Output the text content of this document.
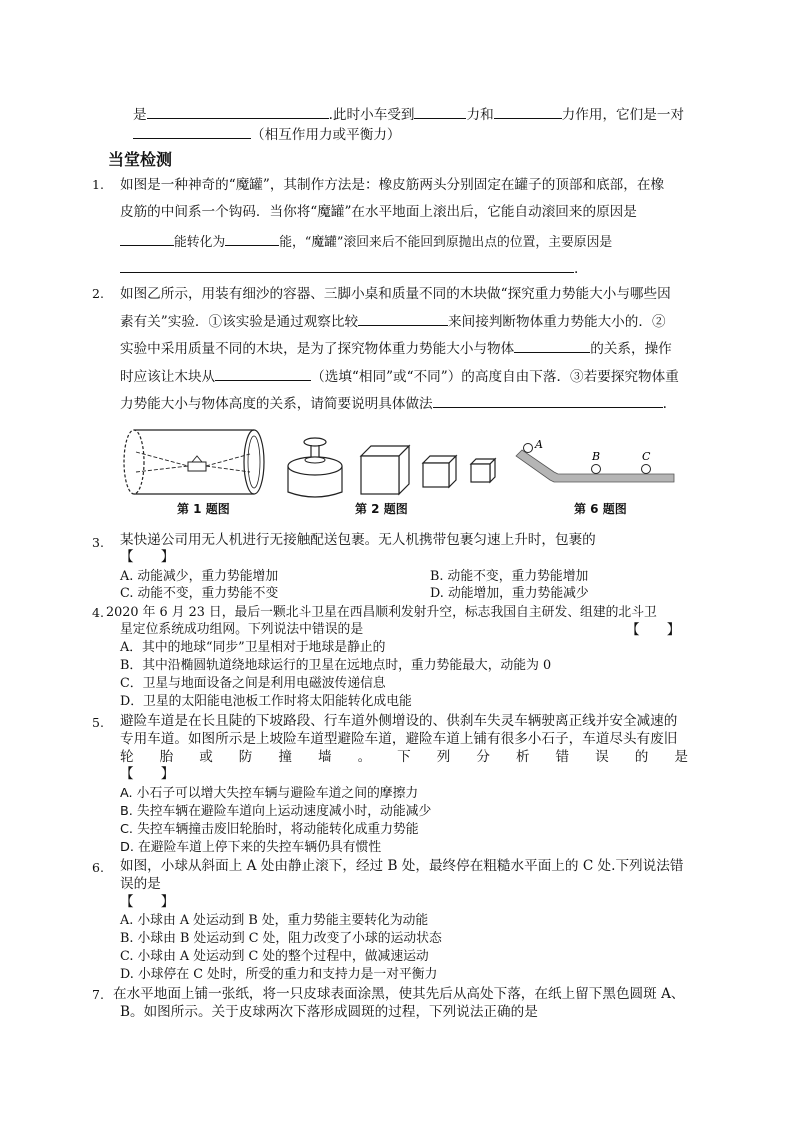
是	.此时小车受到	力和	力作用，它们是一对
（相互作用力或平衡力）
当堂检测
1. 如图是一种神奇的“魔罐”，其制作方法是：橡皮筋两头分别固定在罐子的顶部和底部，在橡
皮筋的中间系一个钩码．当你将“魔罐”在水平地面上滚出后，它能自动滚回来的原因是
能转化为	能，“魔罐”滚回来后不能回到原抛出点的位置，主要原因是
.
2. 如图乙所示，用装有细沙的容器、三脚小桌和质量不同的木块做“探究重力势能大小与哪些因
素有关”实验．①该实验是通过观察比较	来间接判断物体重力势能大小的．②
实验中采用质量不同的木块，是为了探究物体重力势能大小与物体	的关系，操作
时应该让木块从	（选填“相同”或“不同”）的高度自由下落．③若要探究物体重
力势能大小与物体高度的关系，请简要说明具体做法	.
第 1 题图	第 2 题图
A
B	C
第 6 题图
3. 某快递公司用无人机进行无接触配送包裹。无人机携带包裹匀速上升时，包裹的
【　　】
A. 动能减少，重力势能增加	B. 动能不变，重力势能增加
C. 动能不变，重力势能不变	D. 动能增加，重力势能减少
4. 2020 年 6 月 23 日，最后一颗北斗卫星在西昌顺利发射升空，标志我国自主研发、组建的北斗卫
星定位系统成功组网。下列说法中错误的是	【　　】
A．其中的地球“同步”卫星相对于地球是静止的
B．其中沿椭圆轨道绕地球运行的卫星在远地点时，重力势能最大，动能为 0
C．卫星与地面设备之间是利用电磁波传递信息
D．卫星的太阳能电池板工作时将太阳能转化成电能
5. 避险车道是在长且陡的下坡路段、行车道外侧增设的、供刹车失灵车辆驶离正线并安全减速的
专用车道。如图所示是上坡险车道型避险车道，避险车道上铺有很多小石子，车道尽头有废旧
轮 胎 或 防 撞 墙 。 下 列 分 析 错 误 的 是
【　　】
A. 小石子可以增大失控车辆与避险车道之间的摩擦力
B. 失控车辆在避险车道向上运动速度减小时，动能减少
C. 失控车辆撞击废旧轮胎时，将动能转化成重力势能
D. 在避险车道上停下来的失控车辆仍具有惯性
6. 如图，小球从斜面上 A 处由静止滚下，经过 B 处，最终停在粗糙水平面上的 C 处.下列说法错
误的是
【　　】
A. 小球由 A 处运动到 B 处，重力势能主要转化为动能
B. 小球由 B 处运动到 C 处，阻力改变了小球的运动状态
C. 小球由 A 处运动到 C 处的整个过程中，做减速运动
D. 小球停在 C 处时，所受的重力和支持力是一对平衡力
7. 在水平地面上铺一张纸，将一只皮球表面涂黑，使其先后从高处下落，在纸上留下黑色圆斑 A、
B。如图所示。关于皮球两次下落形成圆斑的过程，下列说法正确的是
